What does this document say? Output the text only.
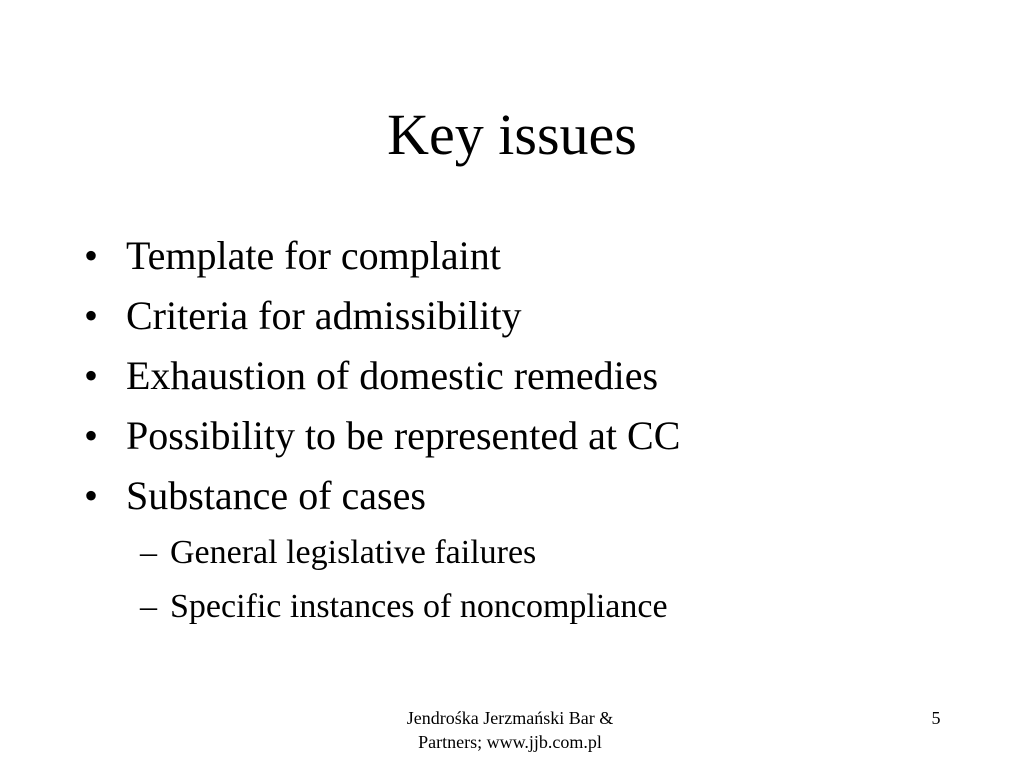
Key issues
• Template for complaint
• Criteria for admissibility
• Exhaustion of domestic remedies
• Possibility to be represented at CC
• Substance of cases
– General legislative failures
– Specific instances of noncompliance
Jendrośka Jerzmański Bar &
Partners; www.jjb.com.pl
5
